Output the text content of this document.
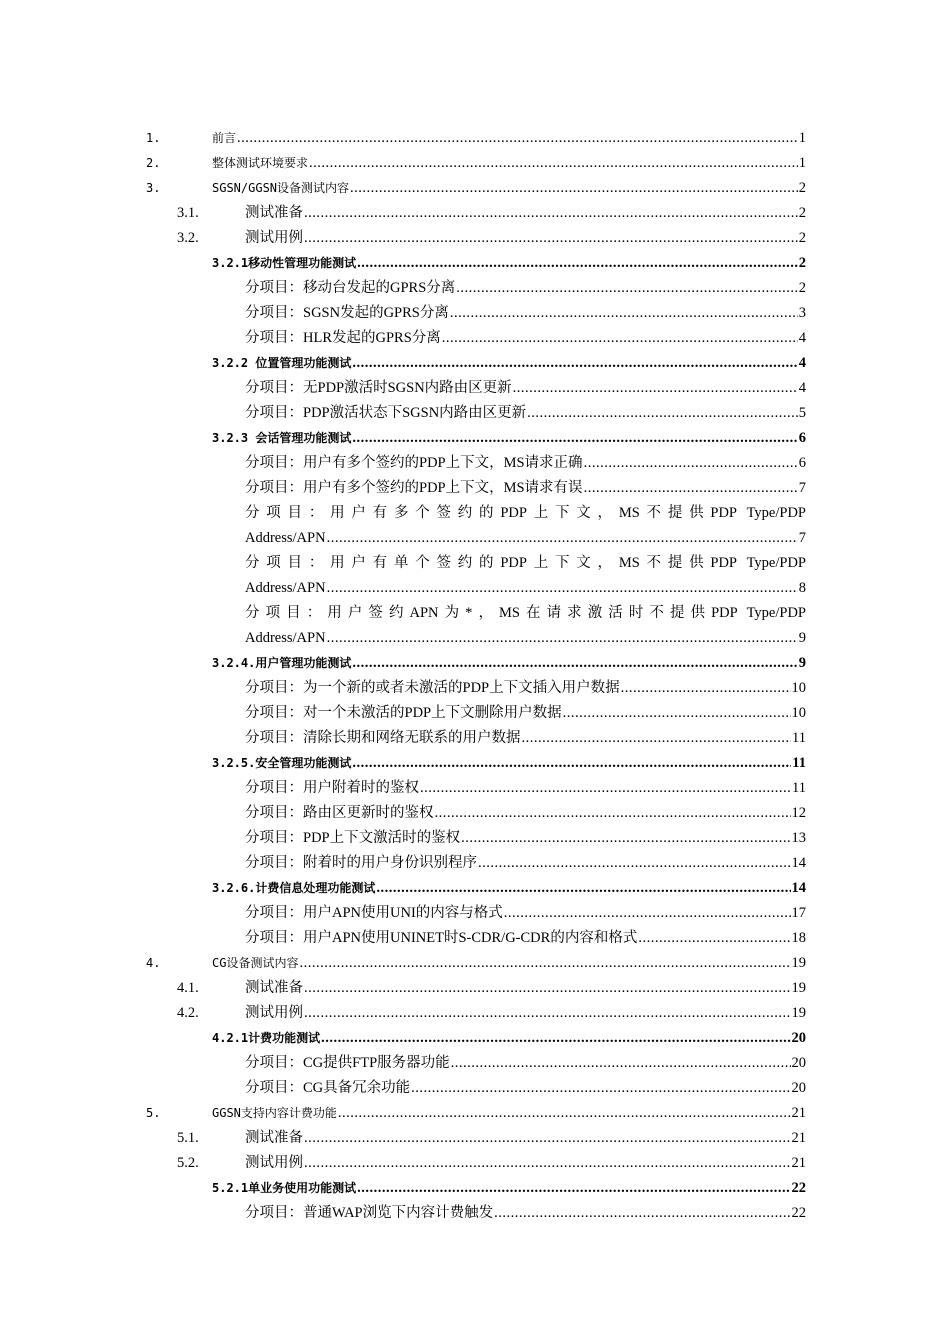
1.	前言 .....	1
2.	整体测试环境要求 .....	1
3.	SGSN/GGSN设备测试内容 .....	2
3.1.	测试准备 .....	2
3.2.	测试用例 .....	2
3.2.1移动性管理功能测试 .....	2
分项目：移动台发起的GPRS分离 .....	2
分项目：SGSN发起的GPRS分离 .....	3
分项目：HLR发起的GPRS分离 .....	4
3.2.2 位置管理功能测试 .....	4
分项目：无PDP激活时SGSN内路由区更新 .....	4
分项目：PDP激活状态下SGSN内路由区更新 .....	5
3.2.3 会话管理功能测试 .....	6
分项目：用户有多个签约的PDP上下文，MS请求正确 .....	6
分项目：用户有多个签约的PDP上下文，MS请求有误 .....	7
分项目：用户有多个签约的PDP上下文，MS不提供PDP Type/PDP
Address/APN .....	7
分项目：用户有单个签约的PDP上下文，MS不提供PDP Type/PDP
Address/APN .....	8
分项目：用户签约APN为*，MS在请求激活时不提供PDP Type/PDP
Address/APN .....	9
3.2.4.用户管理功能测试 .....	9
分项目：为一个新的或者未激活的PDP上下文插入用户数据 .....	10
分项目：对一个未激活的PDP上下文删除用户数据 .....	10
分项目：清除长期和网络无联系的用户数据 .....	11
3.2.5.安全管理功能测试 .....	11
分项目：用户附着时的鉴权 .....	11
分项目：路由区更新时的鉴权 .....	12
分项目：PDP上下文激活时的鉴权 .....	13
分项目：附着时的用户身份识别程序 .....	14
3.2.6.计费信息处理功能测试 .....	14
分项目：用户APN使用UNI的内容与格式 .....	17
分项目：用户APN使用UNINET时S-CDR/G-CDR的内容和格式 .....	18
4.	CG设备测试内容 .....	19
4.1.	测试准备 .....	19
4.2.	测试用例 .....	19
4.2.1计费功能测试 .....	20
分项目：CG提供FTP服务器功能 .....	20
分项目：CG具备冗余功能 .....	20
5.	GGSN支持内容计费功能 .....	21
5.1.	测试准备 .....	21
5.2.	测试用例 .....	21
5.2.1单业务使用功能测试 .....	22
分项目：普通WAP浏览下内容计费触发 .....	22
